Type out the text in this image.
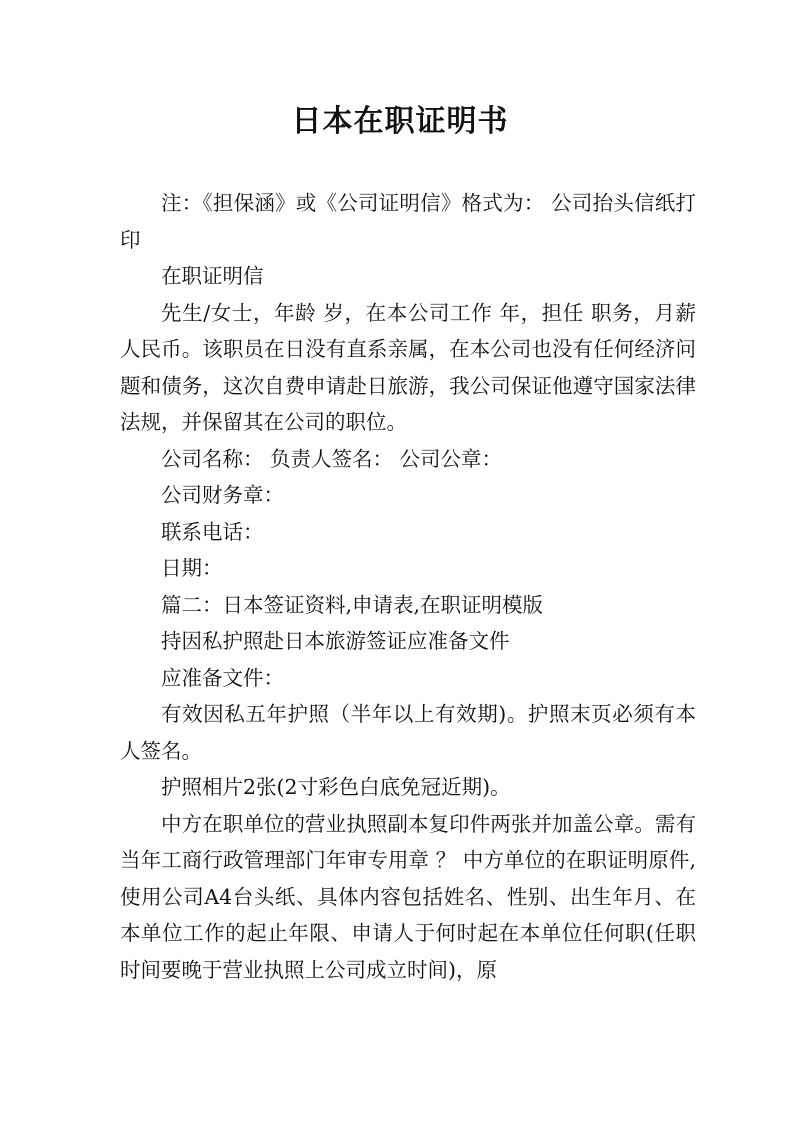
日本在职证明书

注：《担保涵》或《公司证明信》格式为： 公司抬头信纸打印

在职证明信

先生/女士，年龄 岁，在本公司工作 年，担任 职务，月薪 人民币。该职员在日没有直系亲属，在本公司也没有任何经济问题和债务，这次自费申请赴日旅游，我公司保证他遵守国家法律法规，并保留其在公司的职位。

公司名称： 负责人签名： 公司公章：

公司财务章：

联系电话：

日期：

篇二：日本签证资料,申请表,在职证明模版

持因私护照赴日本旅游签证应准备文件

应准备文件：

有效因私五年护照（半年以上有效期)。护照末页必须有本人签名。

护照相片2张(2寸彩色白底免冠近期)。

中方在职单位的营业执照副本复印件两张并加盖公章。需有当年工商行政管理部门年审专用章 ？ 中方单位的在职证明原件,使用公司A4台头纸、具体内容包括姓名、性别、出生年月、在本单位工作的起止年限、申请人于何时起在本单位任何职(任职时间要晚于营业执照上公司成立时间)，原
